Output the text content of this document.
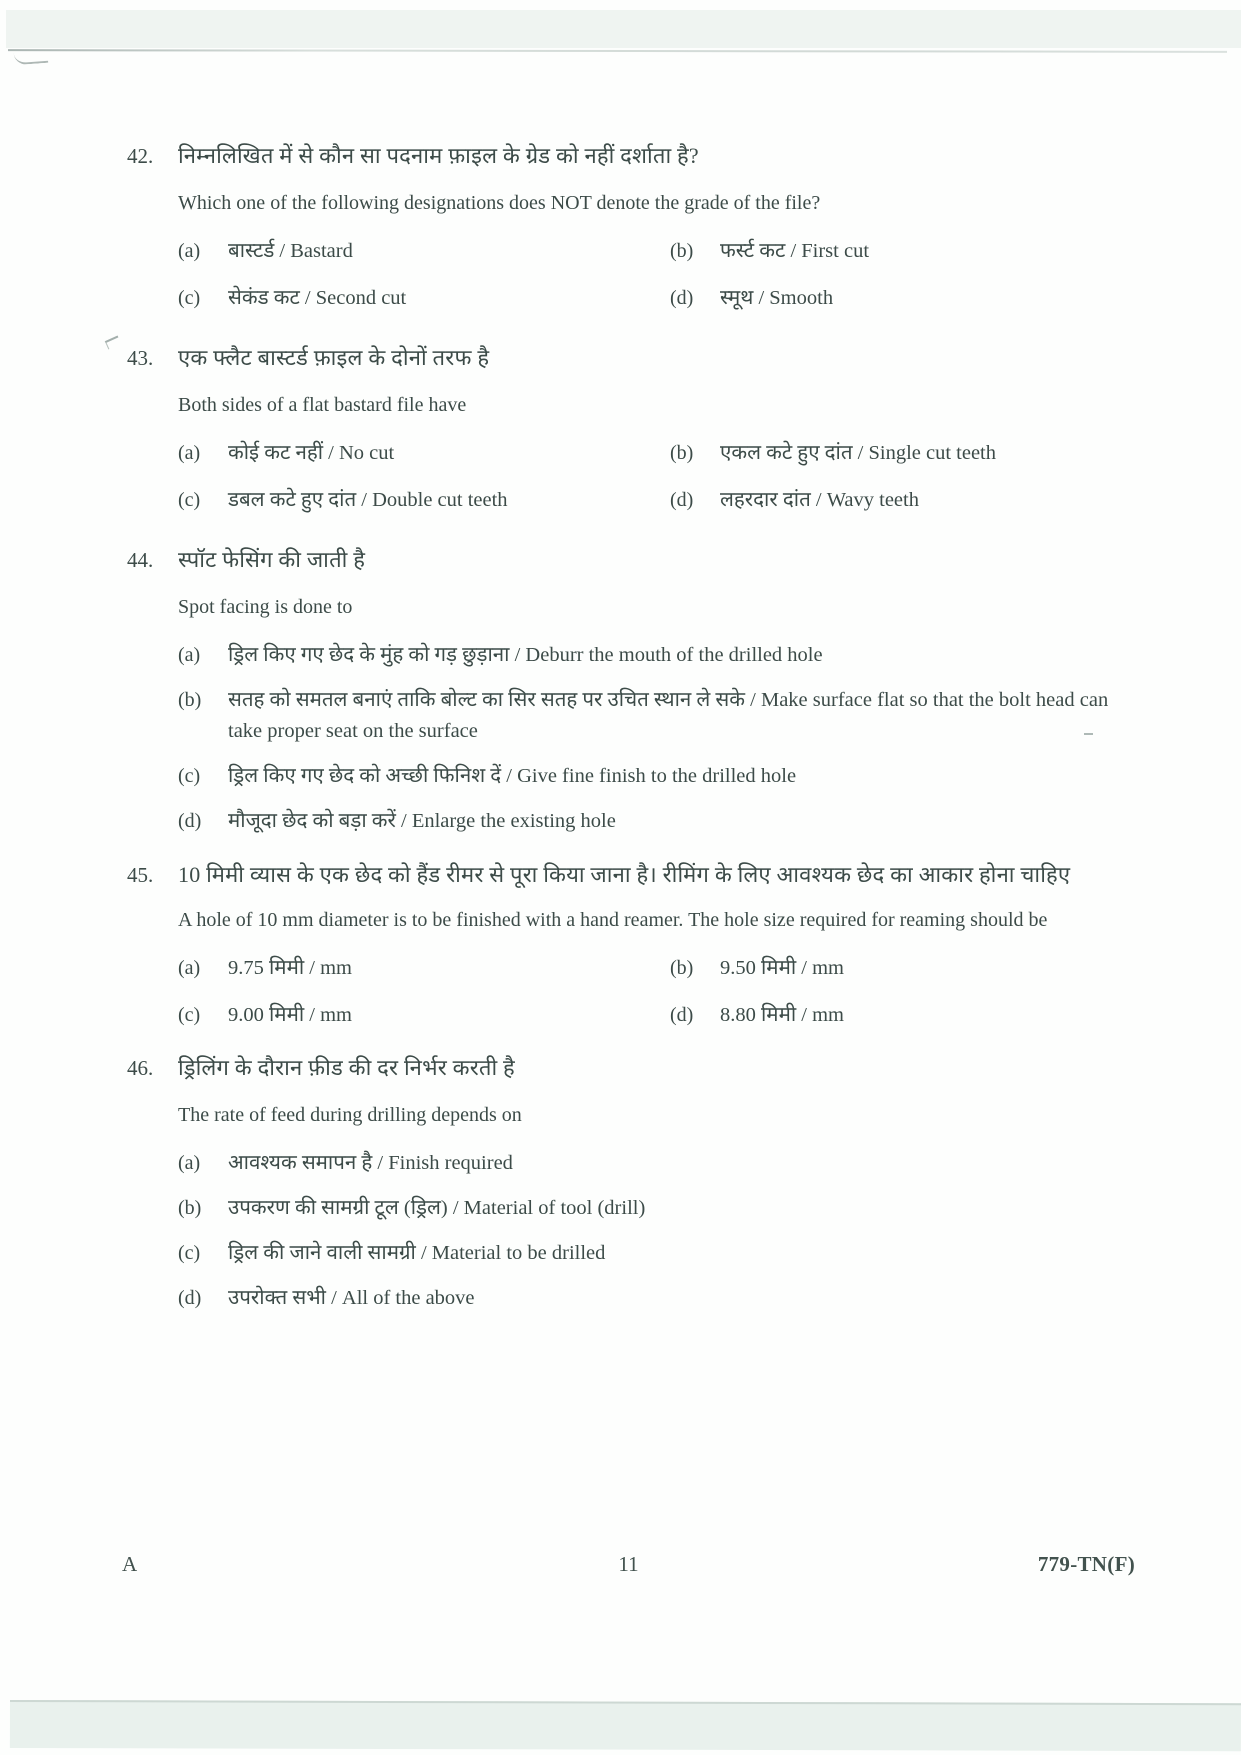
42.	निम्नलिखित में से कौन सा पदनाम फ़ाइल के ग्रेड को नहीं दर्शाता है?

Which one of the following designations does NOT denote the grade of the file?

(a)	बास्टर्ड / Bastard	(b)	फर्स्ट कट / First cut
(c)	सेकंड कट / Second cut	(d)	स्मूथ / Smooth
43.	एक फ्लैट बास्टर्ड फ़ाइल के दोनों तरफ है

Both sides of a flat bastard file have

(a)	कोई कट नहीं / No cut	(b)	एकल कटे हुए दांत / Single cut teeth
(c)	डबल कटे हुए दांत / Double cut teeth	(d)	लहरदार दांत / Wavy teeth
44.	स्पॉट फेसिंग की जाती है

Spot facing is done to

(a)	ड्रिल किए गए छेद के मुंह को गड़ छुड़ाना / Deburr the mouth of the drilled hole
(b)	सतह को समतल बनाएं ताकि बोल्ट का सिर सतह पर उचित स्थान ले सके / Make surface flat so that the bolt head can take proper seat on the surface
(c)	ड्रिल किए गए छेद को अच्छी फिनिश दें / Give fine finish to the drilled hole
(d)	मौजूदा छेद को बड़ा करें / Enlarge the existing hole
45.	10 मिमी व्यास के एक छेद को हैंड रीमर से पूरा किया जाना है। रीमिंग के लिए आवश्यक छेद का आकार होना चाहिए

A hole of 10 mm diameter is to be finished with a hand reamer. The hole size required for reaming should be

(a)	9.75 मिमी / mm	(b)	9.50 मिमी / mm
(c)	9.00 मिमी / mm	(d)	8.80 मिमी / mm
46.	ड्रिलिंग के दौरान फ़ीड की दर निर्भर करती है

The rate of feed during drilling depends on

(a)	आवश्यक समापन है / Finish required
(b)	उपकरण की सामग्री टूल (ड्रिल) / Material of tool (drill)
(c)	ड्रिल की जाने वाली सामग्री / Material to be drilled
(d)	उपरोक्त सभी / All of the above
A	11	779-TN(F)
